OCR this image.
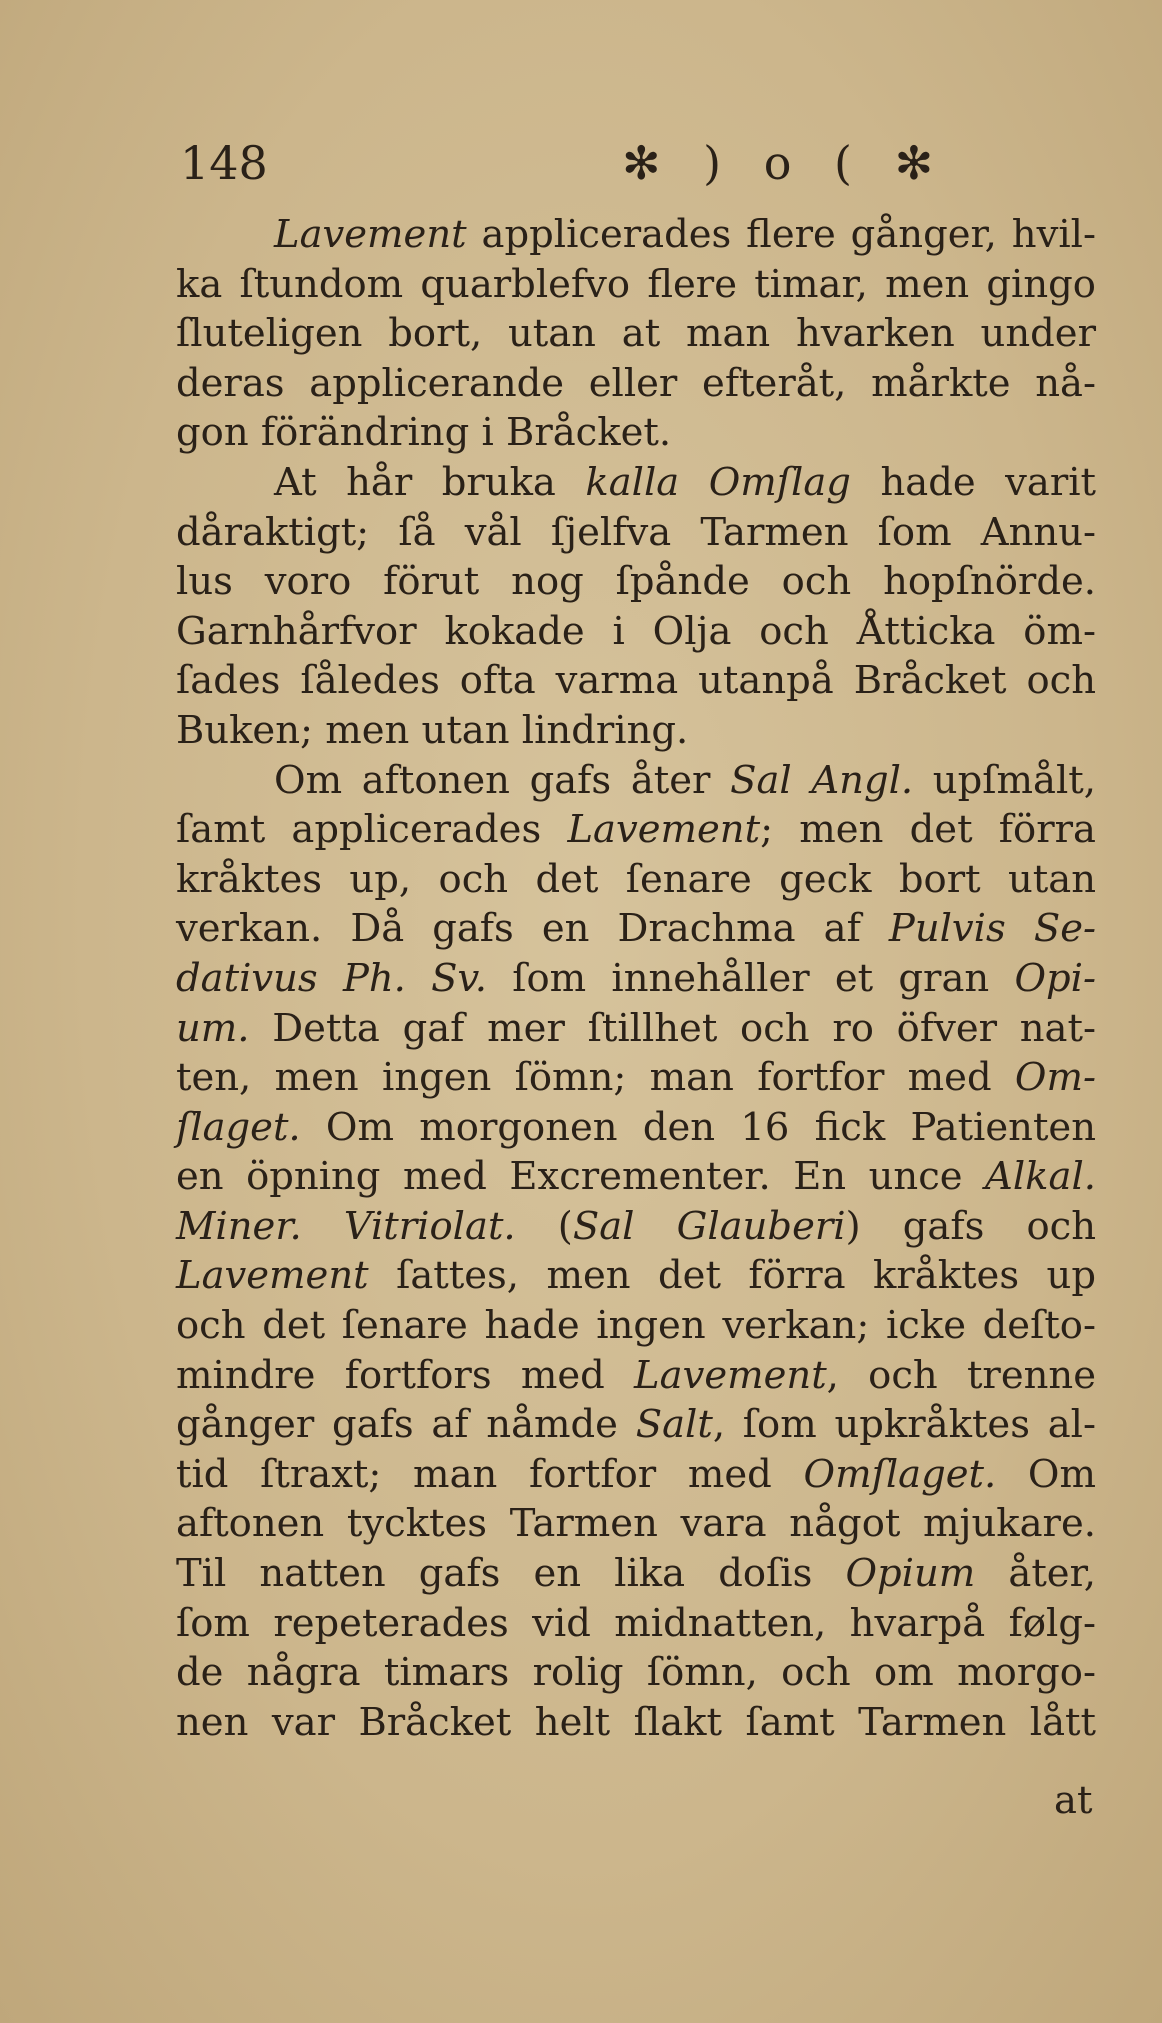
148	✻ ) o ( ✻
Lavement applicerades flere gånger, hvil-
ka ſtundom quarblefvo flere timar, men gingo
ſluteligen bort, utan at man hvarken under
deras applicerande eller efteråt, mårkte nå-
gon förändring i Bråcket.
At hår bruka kalla Omſlag hade varit
dåraktigt; ſå vål ſjelfva Tarmen ſom Annu-
lus voro förut nog ſpånde och hopſnörde.
Garnhårfvor kokade i Olja och Åtticka öm-
ſades ſåledes ofta varma utanpå Bråcket och
Buken; men utan lindring.
Om aftonen gafs åter Sal Angl. upſmålt,
ſamt applicerades Lavement; men det förra
kråktes up, och det ſenare geck bort utan
verkan. Då gafs en Drachma af Pulvis Se-
dativus Ph. Sv. ſom innehåller et gran Opi-
um. Detta gaf mer ſtillhet och ro öfver nat-
ten, men ingen ſömn; man fortfor med Om-
ſlaget. Om morgonen den 16 fick Patienten
en öpning med Excrementer. En unce Alkal.
Miner. Vitriolat. (Sal Glauberi) gafs och
Lavement ſattes, men det förra kråktes up
och det ſenare hade ingen verkan; icke deſto-
mindre fortfors med Lavement, och trenne
gånger gafs af nåmde Salt, ſom upkråktes al-
tid ſtraxt; man fortfor med Omſlaget. Om
aftonen tycktes Tarmen vara något mjukare.
Til natten gafs en lika doſis Opium åter,
ſom repeterades vid midnatten, hvarpå følg-
de några timars rolig ſömn, och om morgo-
nen var Bråcket helt ſlakt ſamt Tarmen lått
at
